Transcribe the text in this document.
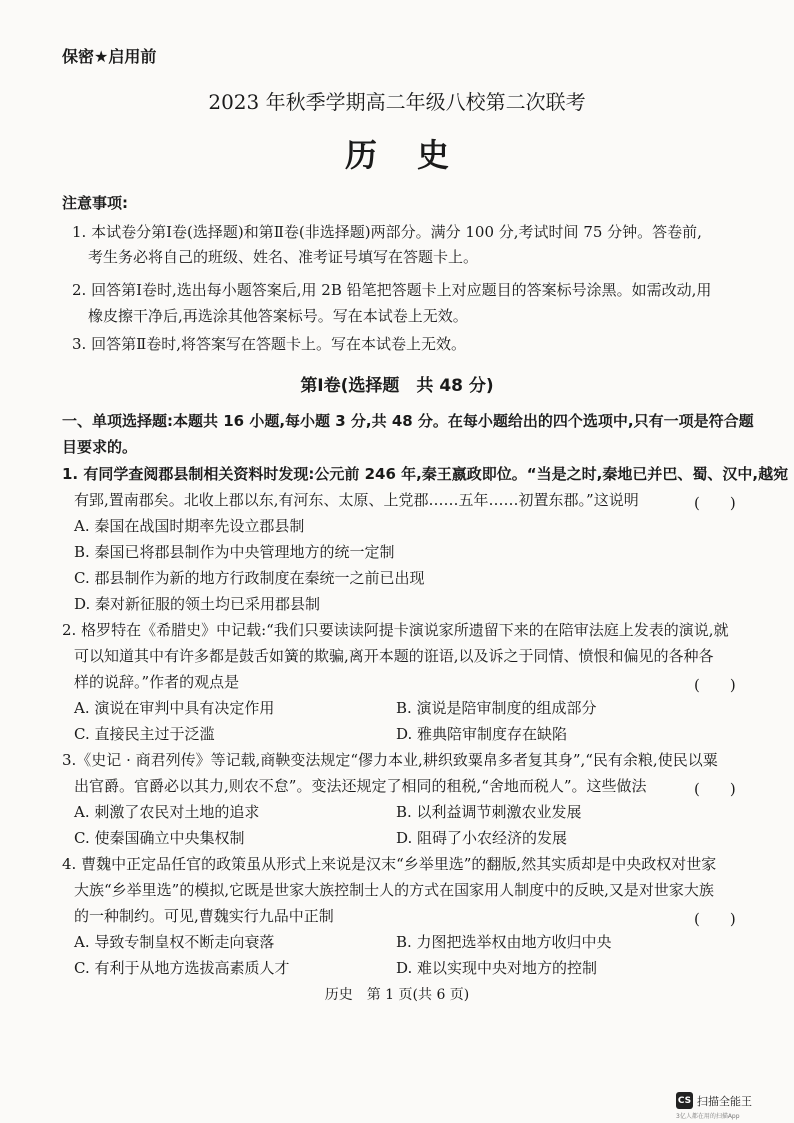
保密★启用前
2023 年秋季学期高二年级八校第二次联考
历史
注意事项:
1. 本试卷分第Ⅰ卷(选择题)和第Ⅱ卷(非选择题)两部分。满分 100 分,考试时间 75 分钟。答卷前,
考生务必将自己的班级、姓名、准考证号填写在答题卡上。
2. 回答第Ⅰ卷时,选出每小题答案后,用 2B 铅笔把答题卡上对应题目的答案标号涂黑。如需改动,用
橡皮擦干净后,再选涂其他答案标号。写在本试卷上无效。
3. 回答第Ⅱ卷时,将答案写在答题卡上。写在本试卷上无效。
第Ⅰ卷(选择题　共 48 分)
一、单项选择题:本题共 16 小题,每小题 3 分,共 48 分。在每小题给出的四个选项中,只有一项是符合题
目要求的。
1. 有同学查阅郡县制相关资料时发现:公元前 246 年,秦王嬴政即位。“当是之时,秦地已并巴、蜀、汉中,越宛
有郢,置南郡矣。北收上郡以东,有河东、太原、上党郡……五年……初置东郡。”这说明	(　　)
A. 秦国在战国时期率先设立郡县制
B. 秦国已将郡县制作为中央管理地方的统一定制
C. 郡县制作为新的地方行政制度在秦统一之前已出现
D. 秦对新征服的领土均已采用郡县制
2. 格罗特在《希腊史》中记载:“我们只要读读阿提卡演说家所遗留下来的在陪审法庭上发表的演说,就
可以知道其中有许多都是鼓舌如簧的欺骗,离开本题的诳语,以及诉之于同情、愤恨和偏见的各种各
样的说辞。”作者的观点是	(　　)
A. 演说在审判中具有决定作用	B. 演说是陪审制度的组成部分
C. 直接民主过于泛滥	D. 雅典陪审制度存在缺陷
3.《史记 · 商君列传》等记载,商鞅变法规定“僇力本业,耕织致粟帛多者复其身”,“民有余粮,使民以粟
出官爵。官爵必以其力,则农不怠”。变法还规定了相同的租税,“舍地而税人”。这些做法	(　　)
A. 刺激了农民对土地的追求	B. 以利益调节刺激农业发展
C. 使秦国确立中央集权制	D. 阻碍了小农经济的发展
4. 曹魏中正定品任官的政策虽从形式上来说是汉末“乡举里选”的翻版,然其实质却是中央政权对世家
大族“乡举里选”的模拟,它既是世家大族控制士人的方式在国家用人制度中的反映,又是对世家大族
的一种制约。可见,曹魏实行九品中正制	(　　)
A. 导致专制皇权不断走向衰落	B. 力图把选举权由地方收归中央
C. 有利于从地方选拔高素质人才	D. 难以实现中央对地方的控制
历史　第 1 页(共 6 页)
CS 扫描全能王
3亿人都在用的扫描App
